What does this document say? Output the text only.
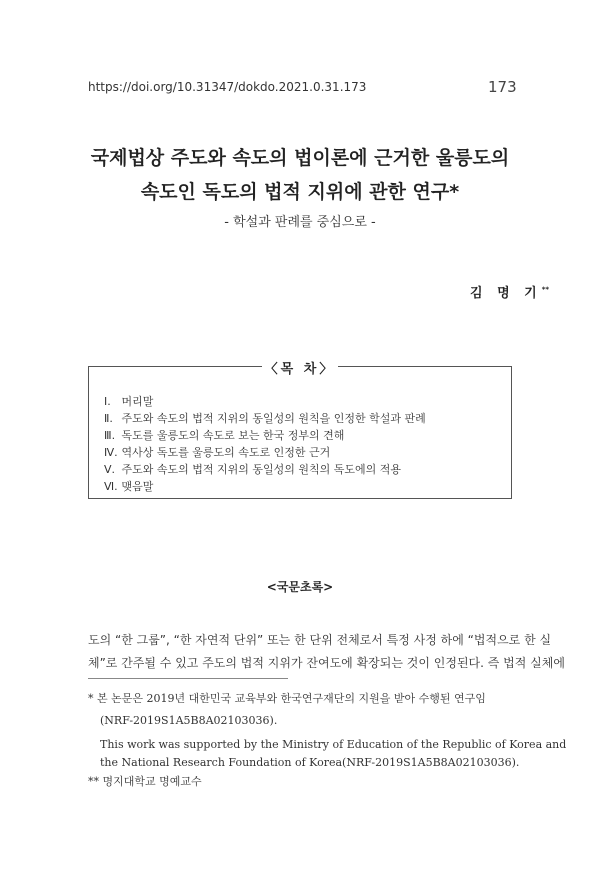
https://doi.org/10.31347/dokdo.2021.0.31.173	173
국제법상 주도와 속도의 법이론에 근거한 울릉도의
속도인 독도의 법적 지위에 관한 연구*
- 학설과 판례를 중심으로 -
김 명 기**
〈목 차〉
Ⅰ. 머리말
Ⅱ. 주도와 속도의 법적 지위의 동일성의 원칙을 인정한 학설과 판례
Ⅲ. 독도를 울릉도의 속도로 보는 한국 정부의 견해
Ⅳ. 역사상 독도를 울릉도의 속도로 인정한 근거
Ⅴ. 주도와 속도의 법적 지위의 동일성의 원칙의 독도에의 적용
Ⅵ. 맺음말
<국문초록>
도의 “한 그룹”, “한 자연적 단위” 또는 한 단위 전체로서 특정 사정 하에 “법적으로 한 실
체”로 간주될 수 있고 주도의 법적 지위가 잔여도에 확장되는 것이 인정된다. 즉 법적 실체에
* 본 논문은 2019년 대한민국 교육부와 한국연구재단의 지원을 받아 수행된 연구임
(NRF-2019S1A5B8A02103036).
This work was supported by the Ministry of Education of the Republic of Korea and
the National Research Foundation of Korea(NRF-2019S1A5B8A02103036).
** 명지대학교 명예교수
